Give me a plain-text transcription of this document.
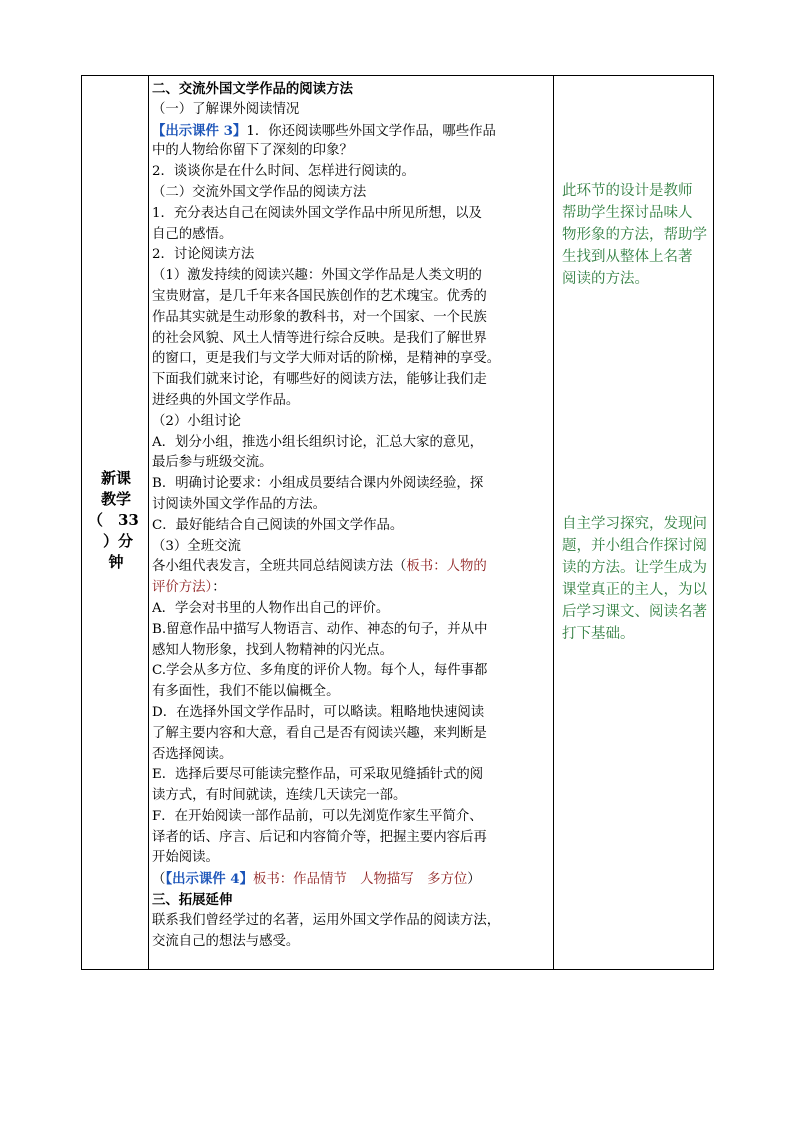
新课
教学
（　33
　）分
钟
二、交流外国文学作品的阅读方法
（一）了解课外阅读情况
【出示课件 3】1．你还阅读哪些外国文学作品，哪些作品
中的人物给你留下了深刻的印象？
2．谈谈你是在什么时间、怎样进行阅读的。
（二）交流外国文学作品的阅读方法
1．充分表达自己在阅读外国文学作品中所见所想，以及
自己的感悟。
2．讨论阅读方法
（1）激发持续的阅读兴趣：外国文学作品是人类文明的
宝贵财富，是几千年来各国民族创作的艺术瑰宝。优秀的
作品其实就是生动形象的教科书，对一个国家、一个民族
的社会风貌、风土人情等进行综合反映。是我们了解世界
的窗口，更是我们与文学大师对话的阶梯，是精神的享受。
下面我们就来讨论，有哪些好的阅读方法，能够让我们走
进经典的外国文学作品。
（2）小组讨论
A．划分小组，推选小组长组织讨论，汇总大家的意见，
最后参与班级交流。
B．明确讨论要求：小组成员要结合课内外阅读经验，探
讨阅读外国文学作品的方法。
C．最好能结合自己阅读的外国文学作品。
（3）全班交流
各小组代表发言，全班共同总结阅读方法（板书：人物的
评价方法）：
A．学会对书里的人物作出自己的评价。
B.留意作品中描写人物语言、动作、神态的句子，并从中
感知人物形象，找到人物精神的闪光点。
C.学会从多方位、多角度的评价人物。每个人，每件事都
有多面性，我们不能以偏概全。
D．在选择外国文学作品时，可以略读。粗略地快速阅读
了解主要内容和大意，看自己是否有阅读兴趣，来判断是
否选择阅读。
E．选择后要尽可能读完整作品，可采取见缝插针式的阅
读方式，有时间就读，连续几天读完一部。
F．在开始阅读一部作品前，可以先浏览作家生平简介、
译者的话、序言、后记和内容简介等，把握主要内容后再
开始阅读。
（【出示课件 4】板书：作品情节　人物描写　多方位）
三、拓展延伸
联系我们曾经学过的名著，运用外国文学作品的阅读方法，
交流自己的想法与感受。
此环节的设计是教师
帮助学生探讨品味人
物形象的方法，帮助学
生找到从整体上名著
阅读的方法。
自主学习探究，发现问
题，并小组合作探讨阅
读的方法。让学生成为
课堂真正的主人，为以
后学习课文、阅读名著
打下基础。
